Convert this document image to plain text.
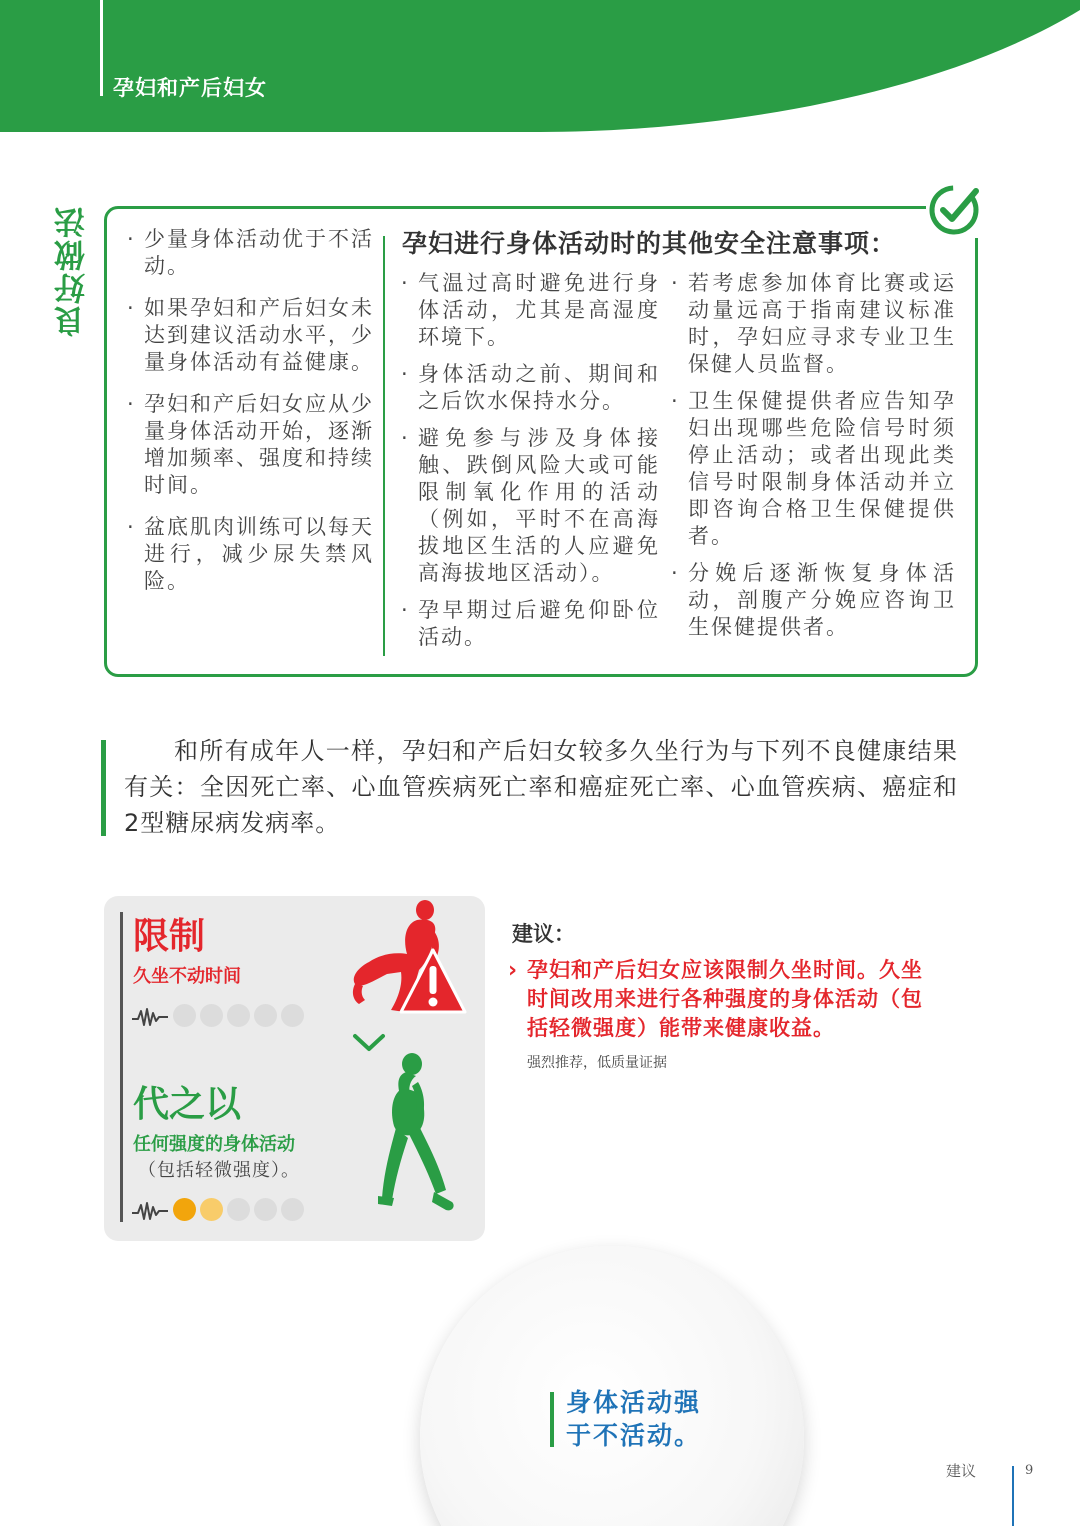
孕妇和产后妇女
良好做法	· 少量身体活动优于不活动。
· 如果孕妇和产后妇女未达到建议活动水平，少量身体活动有益健康。
· 孕妇和产后妇女应从少量身体活动开始，逐渐增加频率、强度和持续时间。
· 盆底肌肉训练可以每天进行，减少尿失禁风险。
孕妇进行身体活动时的其他安全注意事项：
· 气温过高时避免进行身体活动，尤其是高湿度环境下。
· 身体活动之前、期间和之后饮水保持水分。
· 避免参与涉及身体接触、跌倒风险大或可能限制氧化作用的活动（例如，平时不在高海拔地区生活的人应避免高海拔地区活动）。
· 孕早期过后避免仰卧位活动。
· 若考虑参加体育比赛或运动量远高于指南建议标准时，孕妇应寻求专业卫生保健人员监督。
· 卫生保健提供者应告知孕妇出现哪些危险信号时须停止活动；或者出现此类信号时限制身体活动并立即咨询合格卫生保健提供者。
· 分娩后逐渐恢复身体活动，剖腹产分娩应咨询卫生保健提供者。
和所有成年人一样，孕妇和产后妇女较多久坐行为与下列不良健康结果有关：全因死亡率、心血管疾病死亡率和癌症死亡率、心血管疾病、癌症和2型糖尿病发病率。
限制
久坐不动时间
代之以
任何强度的身体活动
（包括轻微强度）。
建议：
› 孕妇和产后妇女应该限制久坐时间。久坐时间改用来进行各种强度的身体活动（包括轻微强度）能带来健康收益。
强烈推荐，低质量证据
身体活动强于不活动。
建议	9
